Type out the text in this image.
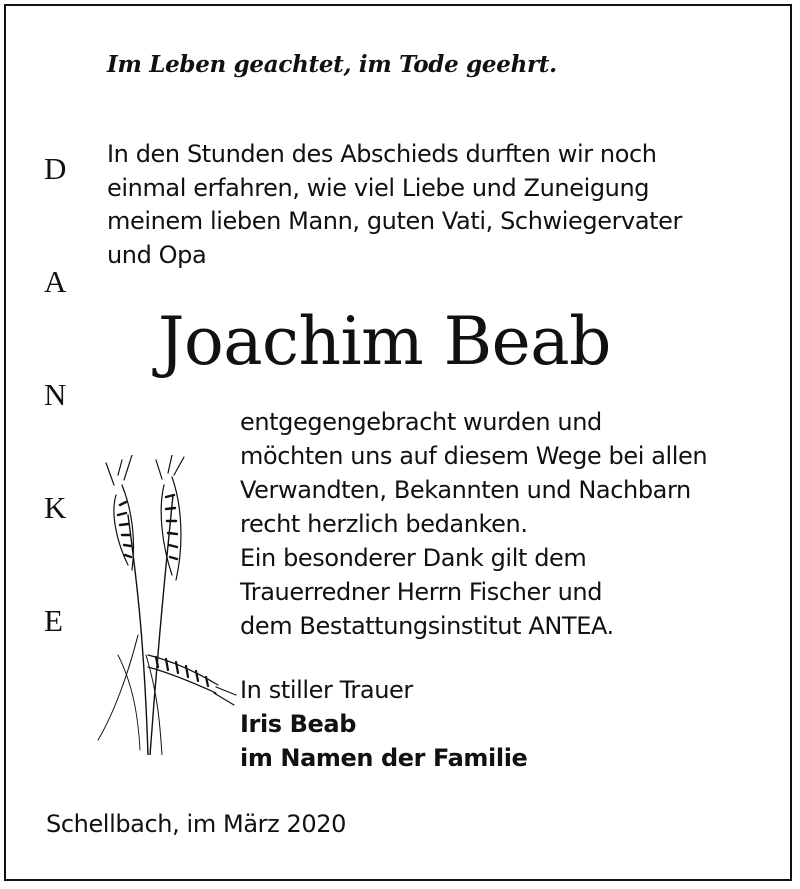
Im Leben geachtet, im Tode geehrt.
D
A
N
K
E
In den Stunden des Abschieds durften wir noch
einmal erfahren, wie viel Liebe und Zuneigung
meinem lieben Mann, guten Vati, Schwiegervater
und Opa
Joachim Beab
entgegengebracht wurden und
möchten uns auf diesem Wege bei allen
Verwandten, Bekannten und Nachbarn
recht herzlich bedanken.
Ein besonderer Dank gilt dem
Trauerredner Herrn Fischer und
dem Bestattungsinstitut ANTEA.
In stiller Trauer
Iris Beab
im Namen der Familie
Schellbach, im März 2020
